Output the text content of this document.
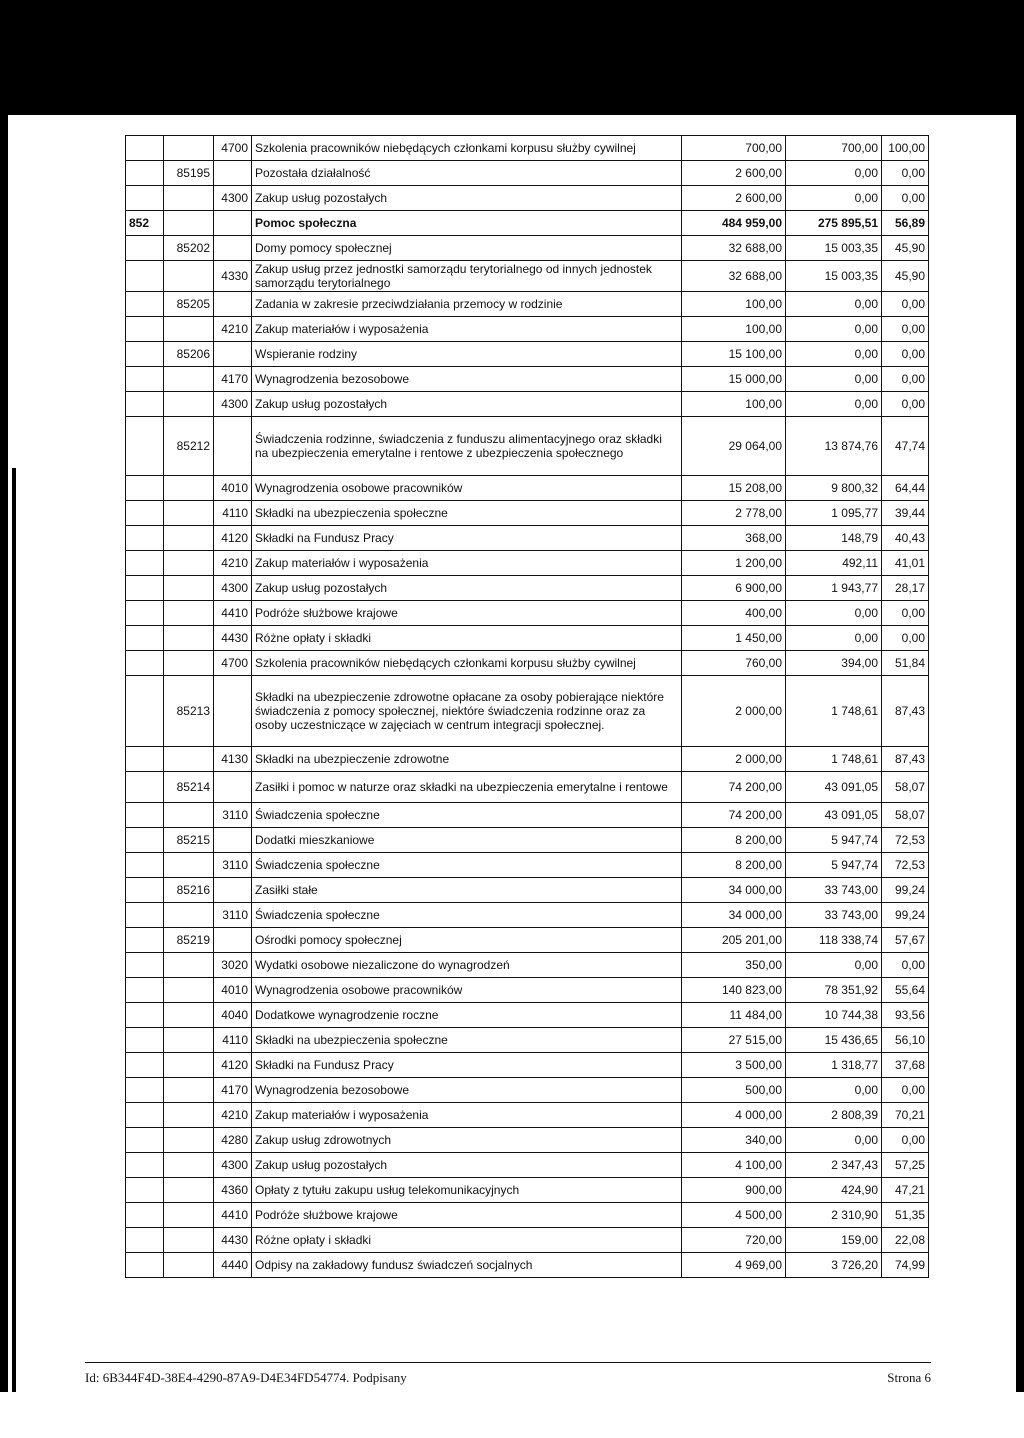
		4700	Szkolenia pracowników niebędących członkami korpusu służby cywilnej	700,00	700,00	100,00
	85195		Pozostała działalność	2 600,00	0,00	0,00
		4300	Zakup usług pozostałych	2 600,00	0,00	0,00
852			Pomoc społeczna	484 959,00	275 895,51	56,89
	85202		Domy pomocy społecznej	32 688,00	15 003,35	45,90
		4330	Zakup usług przez jednostki samorządu terytorialnego od innych jednostek samorządu terytorialnego	32 688,00	15 003,35	45,90
	85205		Zadania w zakresie przeciwdziałania przemocy w rodzinie	100,00	0,00	0,00
		4210	Zakup materiałów i wyposażenia	100,00	0,00	0,00
	85206		Wspieranie rodziny	15 100,00	0,00	0,00
		4170	Wynagrodzenia bezosobowe	15 000,00	0,00	0,00
		4300	Zakup usług pozostałych	100,00	0,00	0,00
	85212		Świadczenia rodzinne, świadczenia z funduszu alimentacyjnego oraz składki na ubezpieczenia emerytalne i rentowe z ubezpieczenia społecznego	29 064,00	13 874,76	47,74
		4010	Wynagrodzenia osobowe pracowników	15 208,00	9 800,32	64,44
		4110	Składki na ubezpieczenia społeczne	2 778,00	1 095,77	39,44
		4120	Składki na Fundusz Pracy	368,00	148,79	40,43
		4210	Zakup materiałów i wyposażenia	1 200,00	492,11	41,01
		4300	Zakup usług pozostałych	6 900,00	1 943,77	28,17
		4410	Podróże służbowe krajowe	400,00	0,00	0,00
		4430	Różne opłaty i składki	1 450,00	0,00	0,00
		4700	Szkolenia pracowników niebędących członkami korpusu służby cywilnej	760,00	394,00	51,84
	85213		Składki na ubezpieczenie zdrowotne opłacane za osoby pobierające niektóre świadczenia z pomocy społecznej, niektóre świadczenia rodzinne oraz za osoby uczestniczące w zajęciach w centrum integracji społecznej.	2 000,00	1 748,61	87,43
		4130	Składki na ubezpieczenie zdrowotne	2 000,00	1 748,61	87,43
	85214		Zasiłki i pomoc w naturze oraz składki na ubezpieczenia emerytalne i rentowe	74 200,00	43 091,05	58,07
		3110	Świadczenia społeczne	74 200,00	43 091,05	58,07
	85215		Dodatki mieszkaniowe	8 200,00	5 947,74	72,53
		3110	Świadczenia społeczne	8 200,00	5 947,74	72,53
	85216		Zasiłki stałe	34 000,00	33 743,00	99,24
		3110	Świadczenia społeczne	34 000,00	33 743,00	99,24
	85219		Ośrodki pomocy społecznej	205 201,00	118 338,74	57,67
		3020	Wydatki osobowe niezaliczone do wynagrodzeń	350,00	0,00	0,00
		4010	Wynagrodzenia osobowe pracowników	140 823,00	78 351,92	55,64
		4040	Dodatkowe wynagrodzenie roczne	11 484,00	10 744,38	93,56
		4110	Składki na ubezpieczenia społeczne	27 515,00	15 436,65	56,10
		4120	Składki na Fundusz Pracy	3 500,00	1 318,77	37,68
		4170	Wynagrodzenia bezosobowe	500,00	0,00	0,00
		4210	Zakup materiałów i wyposażenia	4 000,00	2 808,39	70,21
		4280	Zakup usług zdrowotnych	340,00	0,00	0,00
		4300	Zakup usług pozostałych	4 100,00	2 347,43	57,25
		4360	Opłaty z tytułu zakupu usług telekomunikacyjnych	900,00	424,90	47,21
		4410	Podróże służbowe krajowe	4 500,00	2 310,90	51,35
		4430	Różne opłaty i składki	720,00	159,00	22,08
		4440	Odpisy na zakładowy fundusz świadczeń socjalnych	4 969,00	3 726,20	74,99
Id: 6B344F4D-38E4-4290-87A9-D4E34FD54774. Podpisany	Strona 6
